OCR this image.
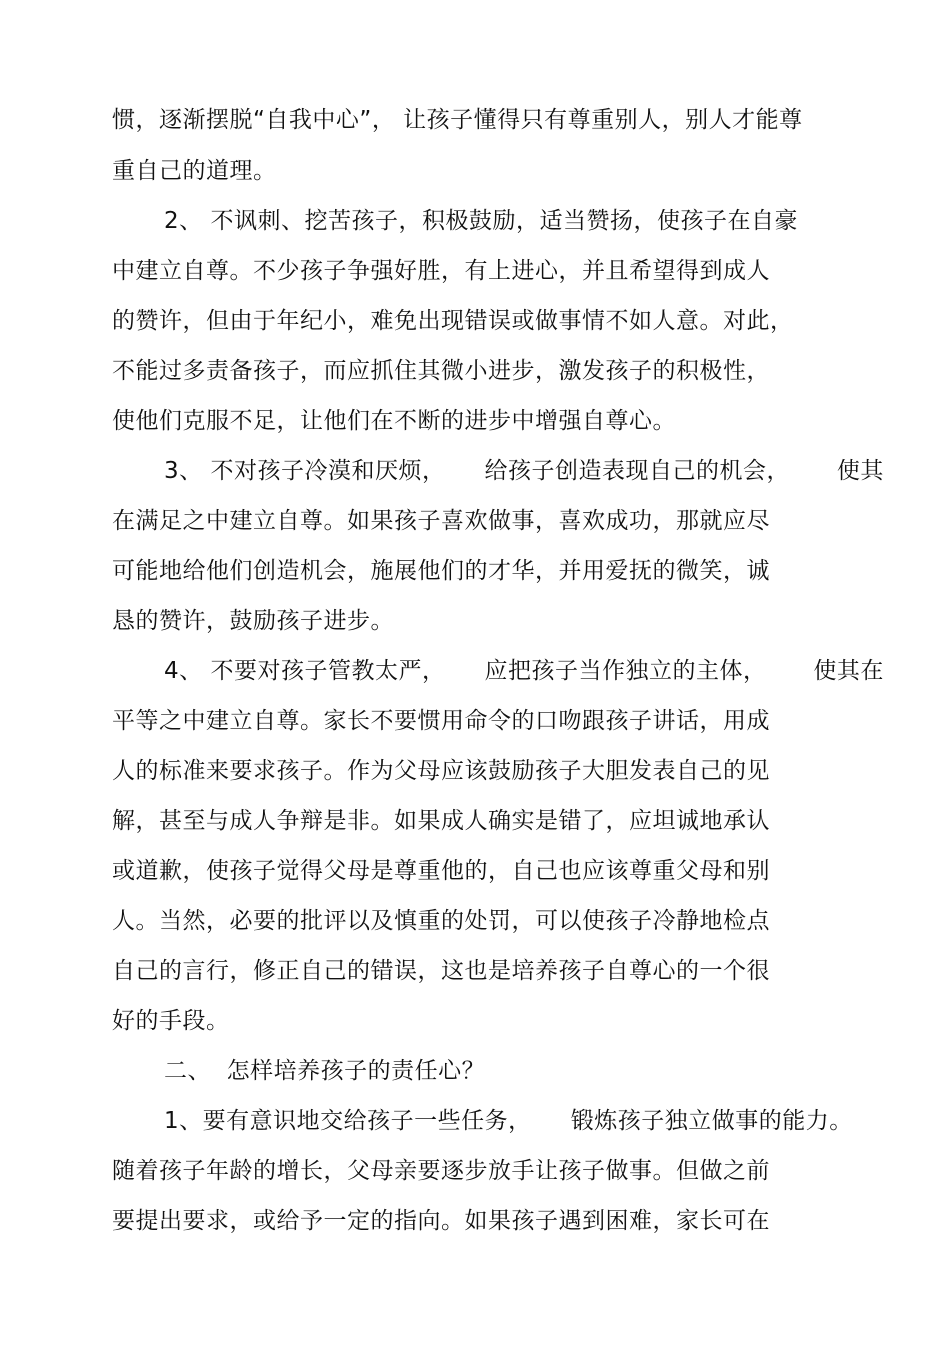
惯，逐渐摆脱“自我中心”， 让孩子懂得只有尊重别人，别人才能尊
重自己的道理。
2、 不讽刺、挖苦孩子，积极鼓励，适当赞扬，使孩子在自豪
中建立自尊。不少孩子争强好胜，有上进心，并且希望得到成人
的赞许，但由于年纪小，难免出现错误或做事情不如人意。对此，
不能过多责备孩子，而应抓住其微小进步，激发孩子的积极性，
使他们克服不足，让他们在不断的进步中增强自尊心。
3、 不对孩子冷漠和厌烦，     给孩子创造表现自己的机会，      使其
在满足之中建立自尊。如果孩子喜欢做事，喜欢成功，那就应尽
可能地给他们创造机会，施展他们的才华，并用爱抚的微笑，诚
恳的赞许，鼓励孩子进步。
4、 不要对孩子管教太严，     应把孩子当作独立的主体，      使其在
平等之中建立自尊。家长不要惯用命令的口吻跟孩子讲话，用成
人的标准来要求孩子。作为父母应该鼓励孩子大胆发表自己的见
解，甚至与成人争辩是非。如果成人确实是错了，应坦诚地承认
或道歉，使孩子觉得父母是尊重他的，自己也应该尊重父母和别
人。当然，必要的批评以及慎重的处罚，可以使孩子冷静地检点
自己的言行，修正自己的错误，这也是培养孩子自尊心的一个很
好的手段。
二、  怎样培养孩子的责任心？
1、要有意识地交给孩子一些任务，     锻炼孩子独立做事的能力。
随着孩子年龄的增长，父母亲要逐步放手让孩子做事。但做之前
要提出要求，或给予一定的指向。如果孩子遇到困难，家长可在
